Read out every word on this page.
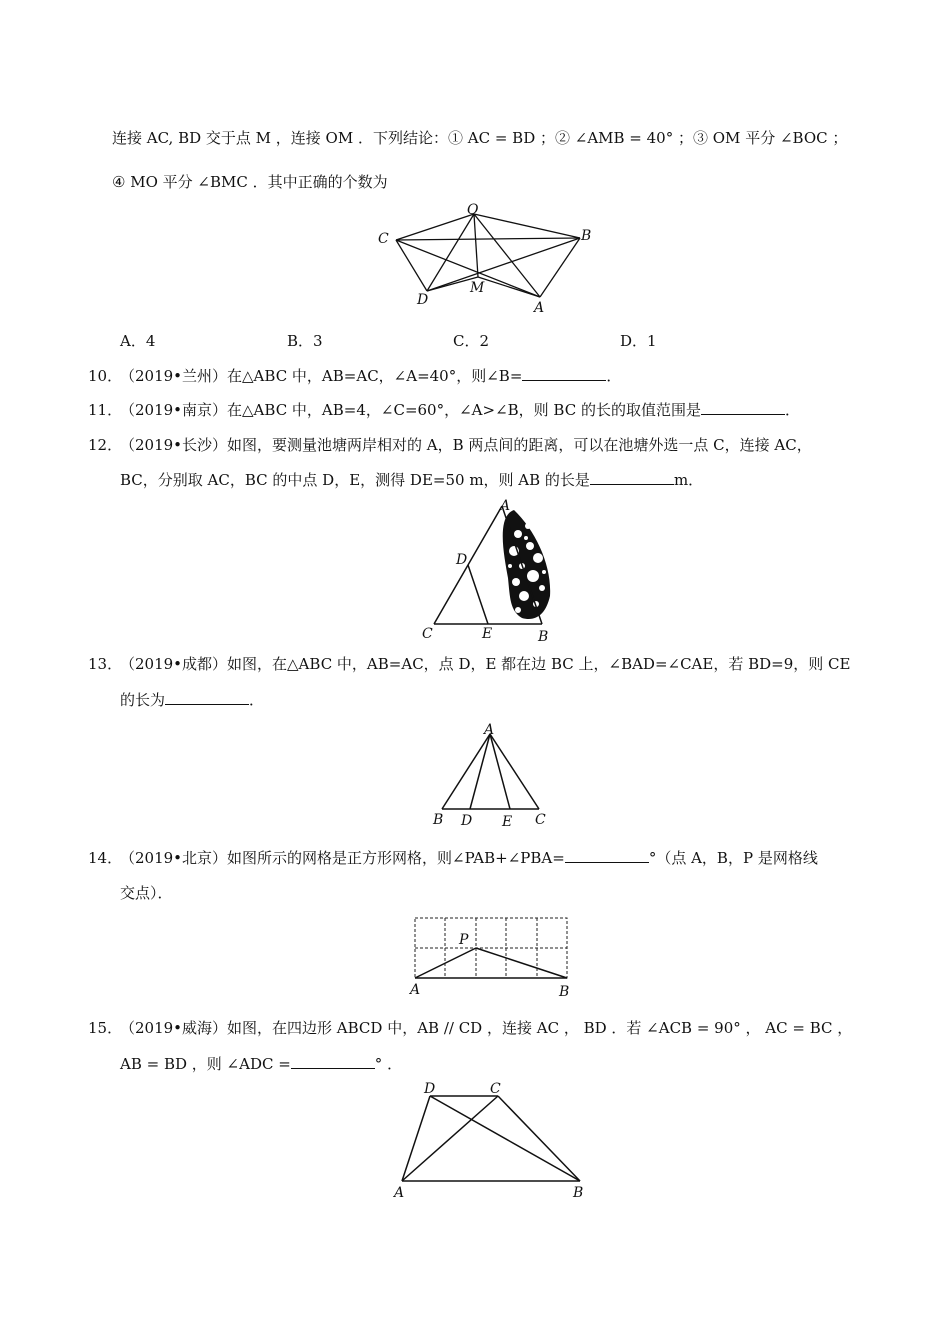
连接 AC, BD 交于点 M ，连接 OM ．下列结论：① AC = BD ；② ∠AMB = 40° ；③ OM 平分 ∠BOC ；
④ MO 平分 ∠BMC ．其中正确的个数为
O
C	B
D
M
A
A．4	B．3	C．2	D．1
10．（2019•兰州）在△ABC 中，AB=AC，∠A=40°，则∠B=	．
11．（2019•南京）在△ABC 中，AB=4，∠C=60°，∠A>∠B，则 BC 的长的取值范围是	．
12．（2019•长沙）如图，要测量池塘两岸相对的 A，B 两点间的距离，可以在池塘外选一点 C，连接 AC，
BC，分别取 AC，BC 的中点 D，E，测得 DE=50 m，则 AB 的长是	m．
A
D
C	E	B
13．（2019•成都）如图，在△ABC 中，AB=AC，点 D，E 都在边 BC 上，∠BAD=∠CAE，若 BD=9，则 CE
的长为	．
A
B D E C
14．（2019•北京）如图所示的网格是正方形网格，则∠PAB+∠PBA=	°（点 A，B，P 是网格线
交点）．
P
A	B
15．（2019•威海）如图，在四边形 ABCD 中，AB // CD ，连接 AC ， BD ．若 ∠ACB = 90° ， AC = BC ，
AB = BD ，则 ∠ADC =	° ．
D	C
A	B
